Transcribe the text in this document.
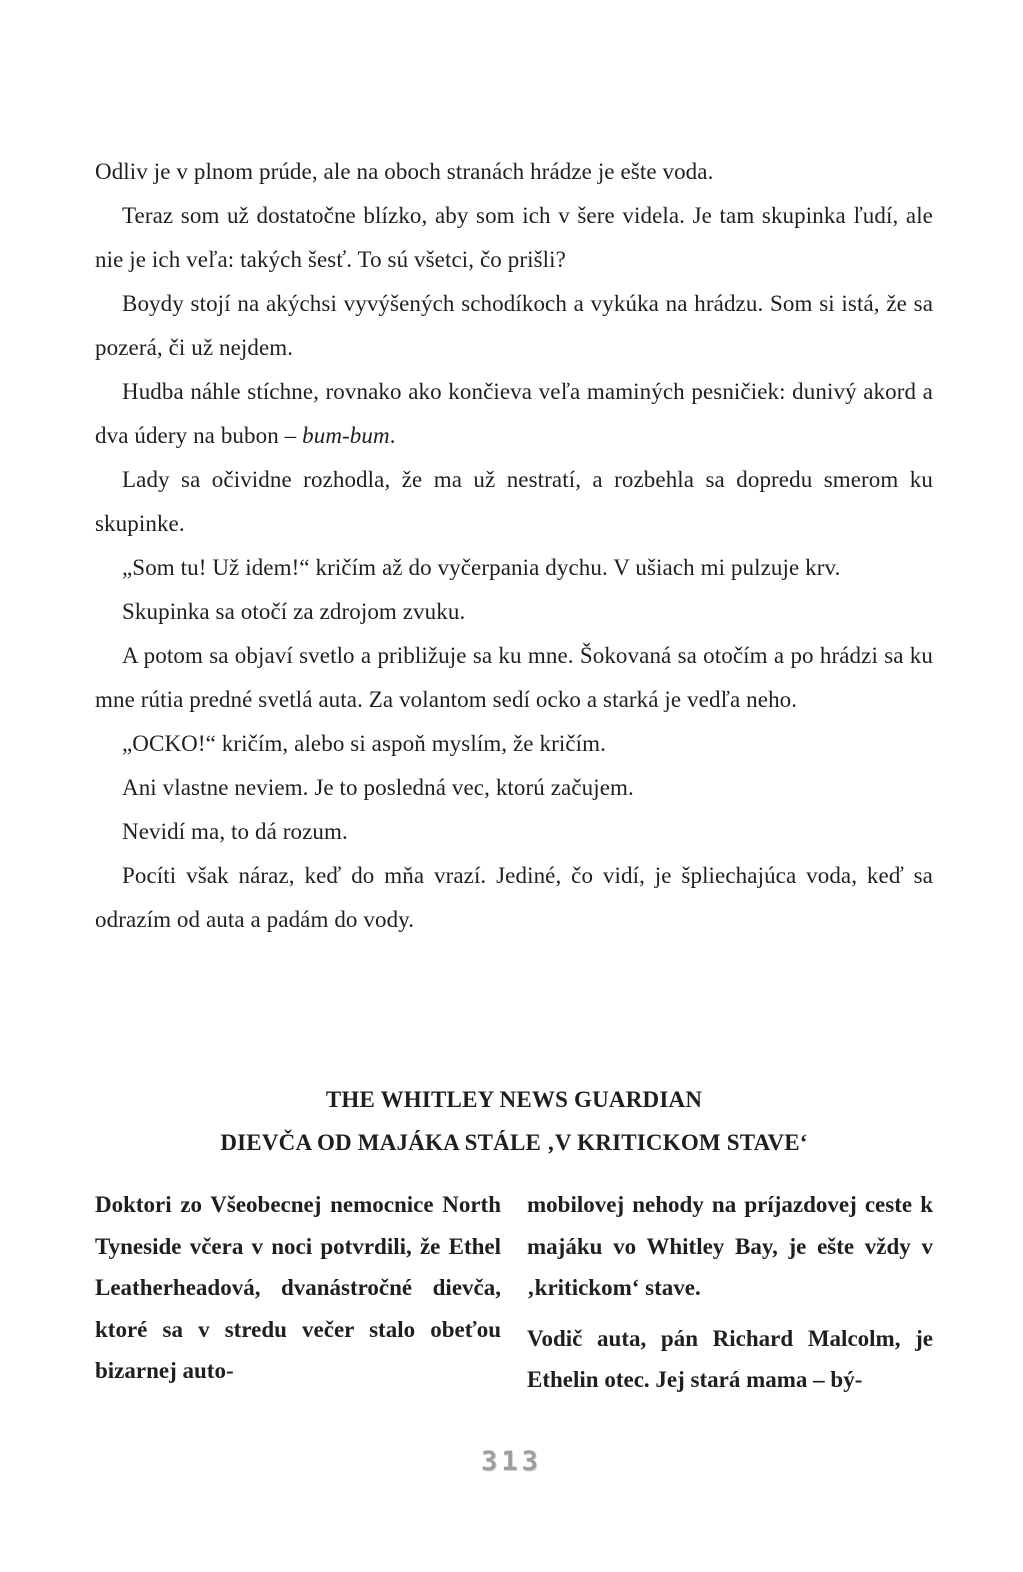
Odliv je v plnom prúde, ale na oboch stranách hrádze je ešte voda.

Teraz som už dostatočne blízko, aby som ich v šere videla. Je tam skupinka ľudí, ale nie je ich veľa: takých šesť. To sú všetci, čo prišli?

Boydy stojí na akýchsi vyvýšených schodíkoch a vykúka na hrádzu. Som si istá, že sa pozerá, či už nejdem.

Hudba náhle stíchne, rovnako ako končieva veľa maminých pesničiek: dunivý akord a dva údery na bubon – bum-bum.

Lady sa očividne rozhodla, že ma už nestratí, a rozbehla sa dopredu smerom ku skupinke.

„Som tu! Už idem!“ kričím až do vyčerpania dychu. V ušiach mi pulzuje krv.

Skupinka sa otočí za zdrojom zvuku.

A potom sa objaví svetlo a približuje sa ku mne. Šokovaná sa otočím a po hrádzi sa ku mne rútia predné svetlá auta. Za volantom sedí ocko a starká je vedľa neho.

„OCKO!“ kričím, alebo si aspoň myslím, že kričím.

Ani vlastne neviem. Je to posledná vec, ktorú začujem.

Nevidí ma, to dá rozum.

Pocíti však náraz, keď do mňa vrazí. Jediné, čo vidí, je špliechajúca voda, keď sa odrazím od auta a padám do vody.

THE WHITLEY NEWS GUARDIAN
DIEVČA OD MAJÁKA STÁLE ‚V KRITICKOM STAVE‘

Doktori zo Všeobecnej nemocnice North Tyneside včera v noci potvrdili, že Ethel Leatherheadová, dvanástročné dievča, ktoré sa v stredu večer stalo obeťou bizarnej auto-

mobilovej nehody na príjazdovej ceste k majáku vo Whitley Bay, je ešte vždy v ‚kritickom‘ stave.

Vodič auta, pán Richard Malcolm, je Ethelin otec. Jej stará mama – bý-

313
